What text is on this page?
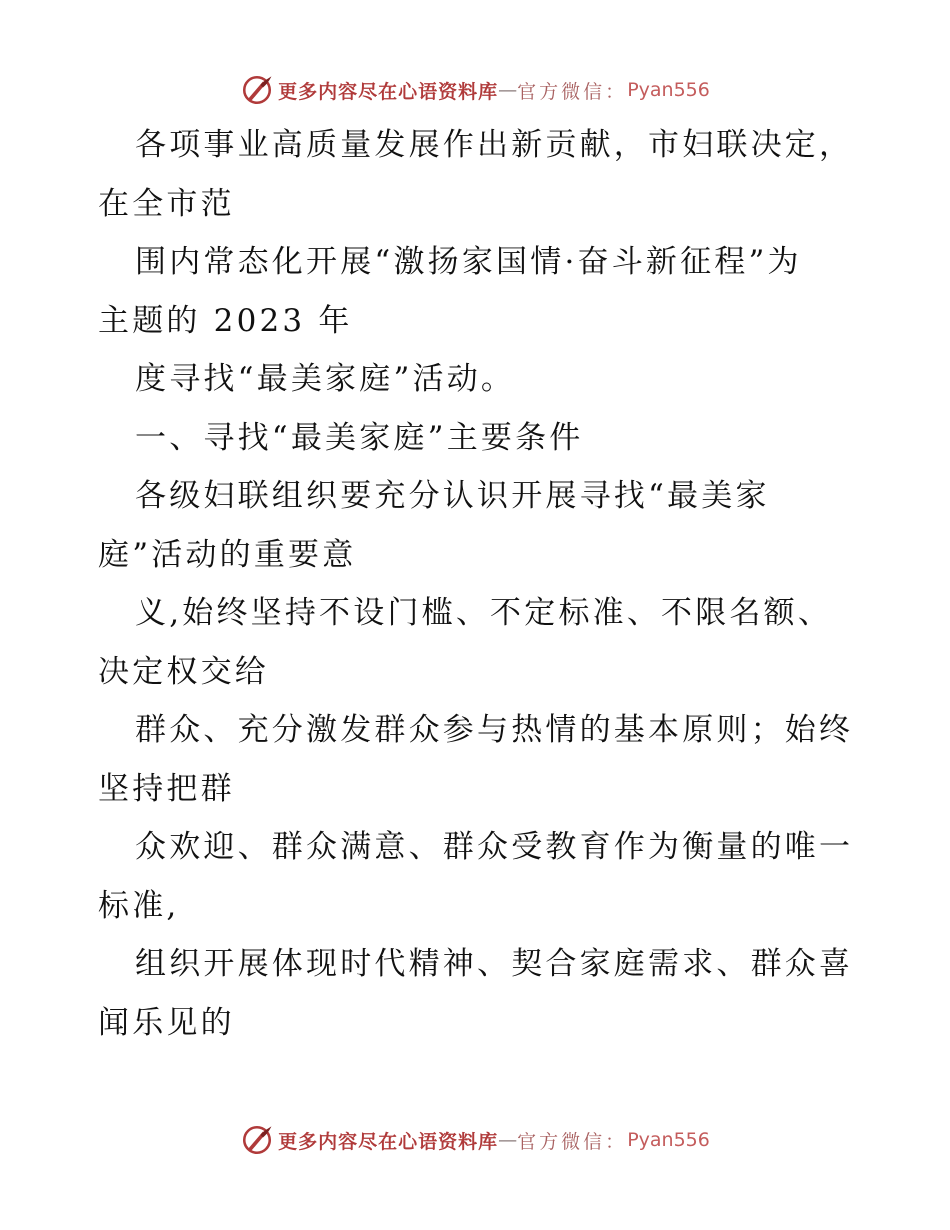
更多内容尽在心语资料库 — 官方微信： Pyan556
各项事业高质量发展作出新贡献，市妇联决定，
在全市范
围内常态化开展“激扬家国情·奋斗新征程”为
主题的 2023 年
度寻找“最美家庭”活动。
一、寻找“最美家庭”主要条件
各级妇联组织要充分认识开展寻找“最美家
庭”活动的重要意
义,始终坚持不设门槛、不定标准、不限名额、
决定权交给
群众、充分激发群众参与热情的基本原则；始终
坚持把群
众欢迎、群众满意、群众受教育作为衡量的唯一
标准,
组织开展体现时代精神、契合家庭需求、群众喜
闻乐见的
更多内容尽在心语资料库 — 官方微信： Pyan556
